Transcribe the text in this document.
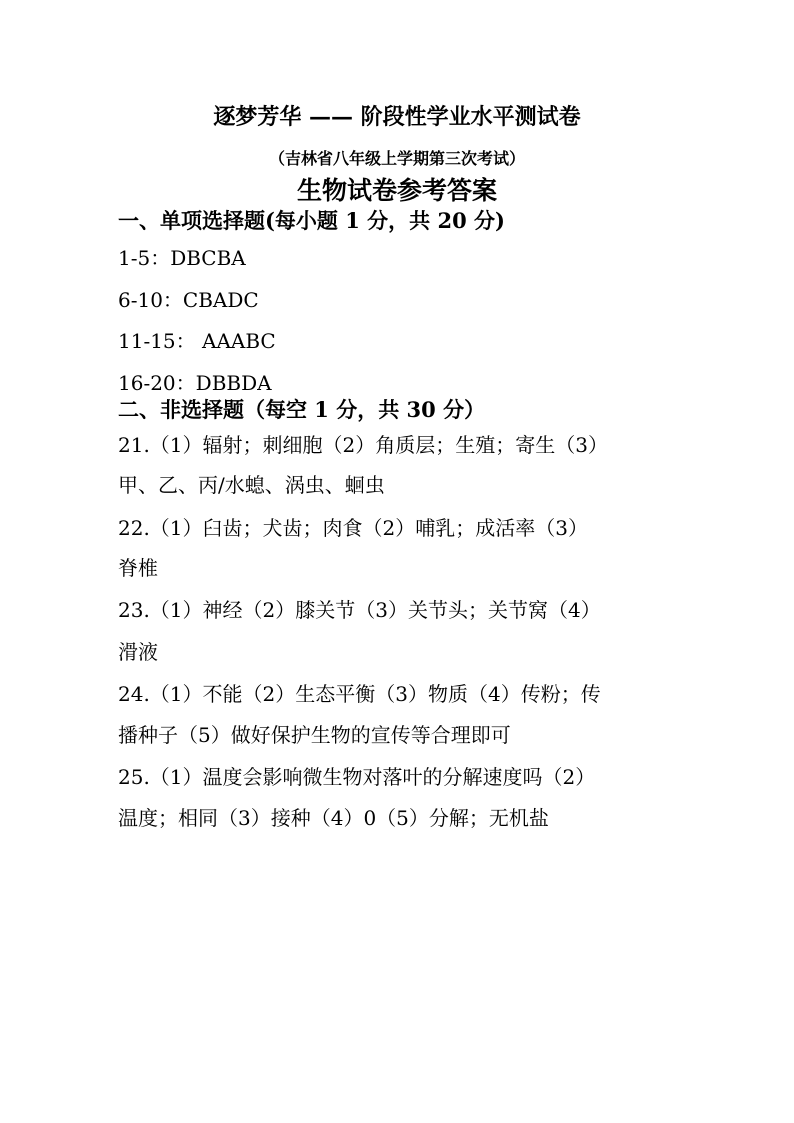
逐梦芳华 —— 阶段性学业水平测试卷
（吉林省八年级上学期第三次考试）
生物试卷参考答案
一、单项选择题(每小题 1 分，共 20 分)
1-5：DBCBA
6-10：CBADC
11-15： AAABC
16-20：DBBDA
二、非选择题（每空 1 分，共 30 分）
21.（1）辐射；刺细胞（2）角质层；生殖；寄生（3）
甲、乙、丙/水螅、涡虫、蛔虫
22.（1）臼齿；犬齿；肉食（2）哺乳；成活率（3）
脊椎
23.（1）神经（2）膝关节（3）关节头；关节窝（4）
滑液
24.（1）不能（2）生态平衡（3）物质（4）传粉；传
播种子（5）做好保护生物的宣传等合理即可
25.（1）温度会影响微生物对落叶的分解速度吗（2）
温度；相同（3）接种（4）0（5）分解；无机盐
